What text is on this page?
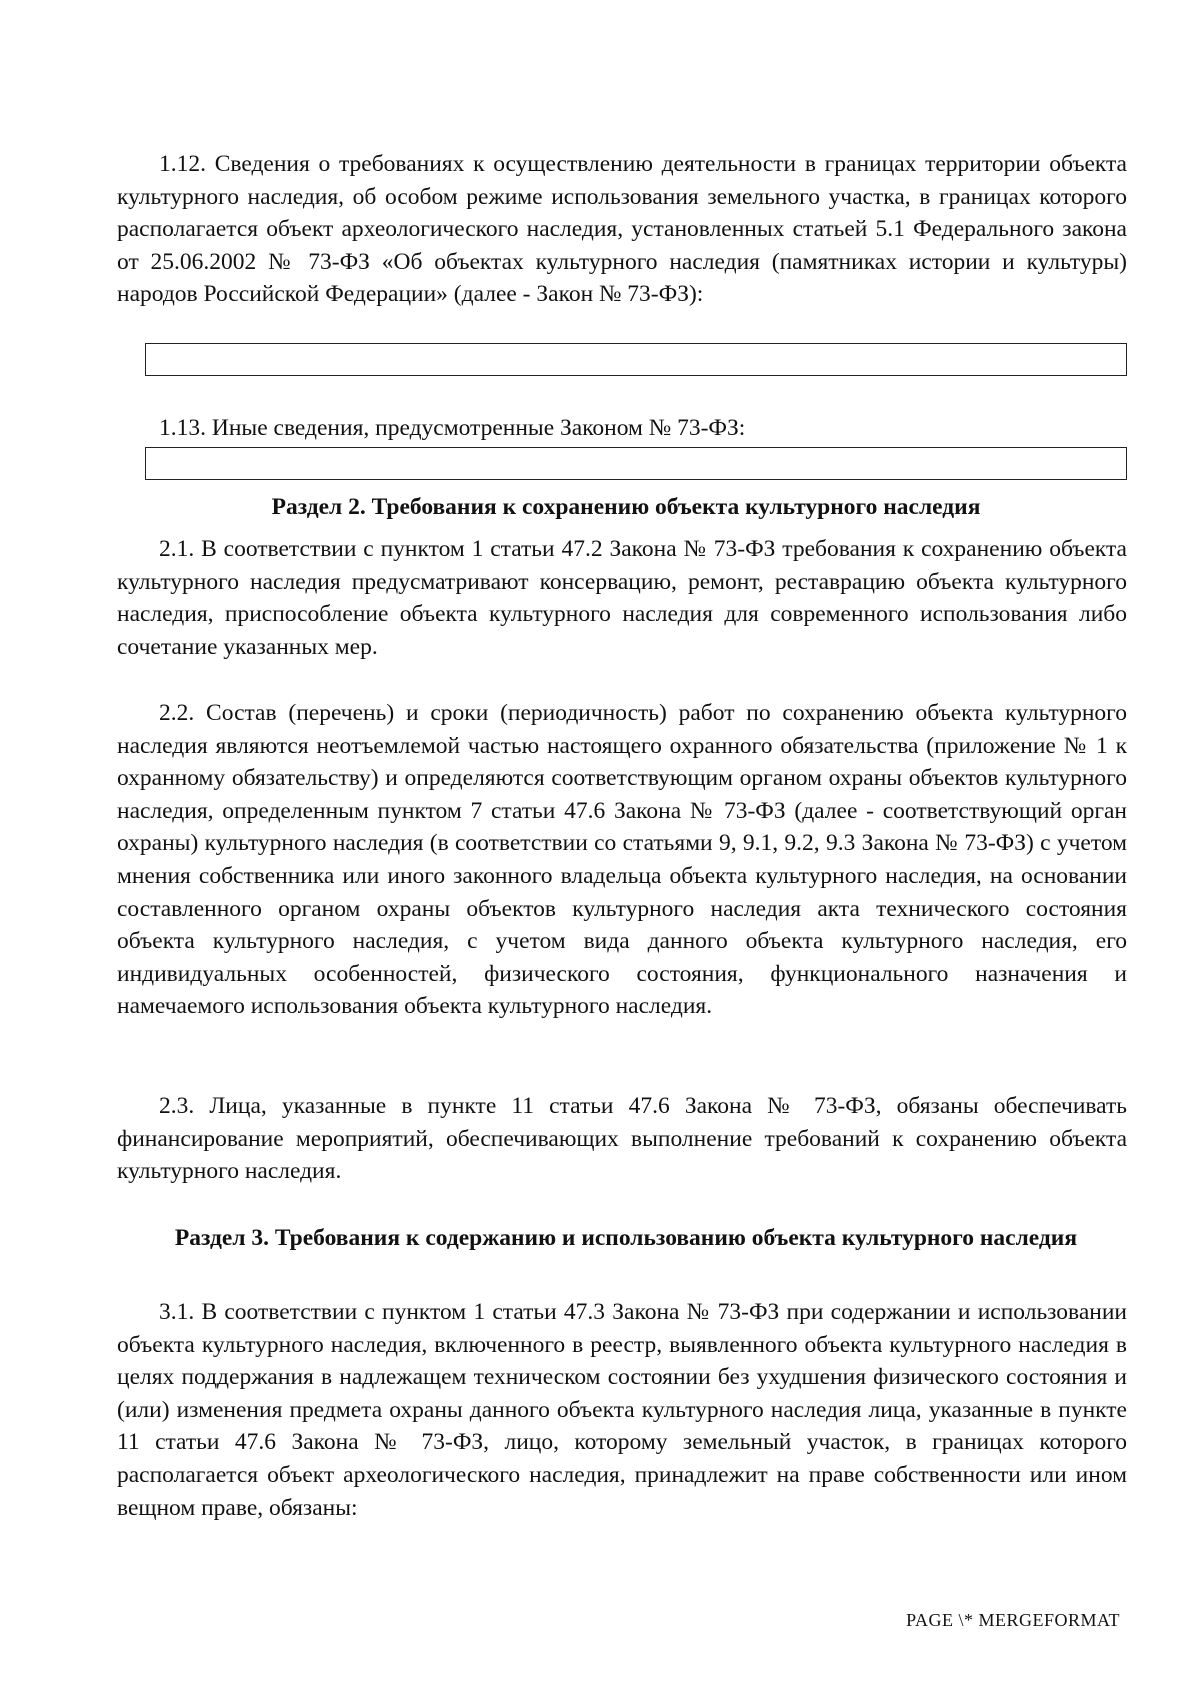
1.12. Сведения о требованиях к осуществлению деятельности в границах территории объекта культурного наследия, об особом режиме использования земельного участка, в границах которого располагается объект археологического наследия, установленных статьей 5.1 Федерального закона от 25.06.2002 № 73-ФЗ «Об объектах культурного наследия (памятниках истории и культуры) народов Российской Федерации» (далее - Закон № 73-ФЗ):

1.13. Иные сведения, предусмотренные Законом № 73-ФЗ:

Раздел 2. Требования к сохранению объекта культурного наследия

2.1. В соответствии с пунктом 1 статьи 47.2 Закона № 73-ФЗ требования к сохранению объекта культурного наследия предусматривают консервацию, ремонт, реставрацию объекта культурного наследия, приспособление объекта культурного наследия для современного использования либо сочетание указанных мер.

2.2. Состав (перечень) и сроки (периодичность) работ по сохранению объекта культурного наследия являются неотъемлемой частью настоящего охранного обязательства (приложение № 1 к охранному обязательству) и определяются соответствующим органом охраны объектов культурного наследия, определенным пунктом 7 статьи 47.6 Закона № 73-ФЗ (далее - соответствующий орган охраны) культурного наследия (в соответствии со статьями 9, 9.1, 9.2, 9.3 Закона № 73-ФЗ) с учетом мнения собственника или иного законного владельца объекта культурного наследия, на основании составленного органом охраны объектов культурного наследия акта технического состояния объекта культурного наследия, с учетом вида данного объекта культурного наследия, его индивидуальных особенностей, физического состояния, функционального назначения и намечаемого использования объекта культурного наследия.

2.3. Лица, указанные в пункте 11 статьи 47.6 Закона № 73-ФЗ, обязаны обеспечивать финансирование мероприятий, обеспечивающих выполнение требований к сохранению объекта культурного наследия.

Раздел 3. Требования к содержанию и использованию объекта культурного наследия

3.1. В соответствии с пунктом 1 статьи 47.3 Закона № 73-ФЗ при содержании и использовании объекта культурного наследия, включенного в реестр, выявленного объекта культурного наследия в целях поддержания в надлежащем техническом состоянии без ухудшения физического состояния и (или) изменения предмета охраны данного объекта культурного наследия лица, указанные в пункте 11 статьи 47.6 Закона № 73-ФЗ, лицо, которому земельный участок, в границах которого располагается объект археологического наследия, принадлежит на праве собственности или ином вещном праве, обязаны:

PAGE \* MERGEFORMAT
